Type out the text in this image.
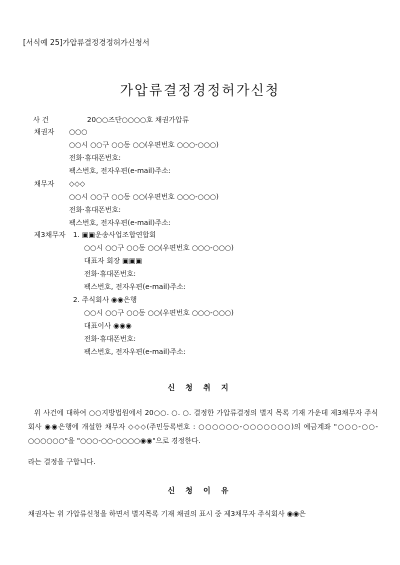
[서식예 25]가압류결정경정허가신청서
가압류결정경정허가신청
사 건	20○○즈단○○○○호 채권가압류
채권자 ○○○
○○시 ○○구 ○○동 ○○(우편번호 ○○○-○○○)
전화·휴대폰번호:
팩스번호, 전자우편(e-mail)주소:
채무자 ◇◇◇
○○시 ○○구 ○○동 ○○(우편번호 ○○○-○○○)
전화·휴대폰번호:
팩스번호, 전자우편(e-mail)주소:
제3채무자 1. ▣▣운송사업조합연합회
○○시 ○○구 ○○동 ○○(우편번호 ○○○-○○○)
대표자 회장 ▣▣▣
전화·휴대폰번호:
팩스번호, 전자우편(e-mail)주소:
2. 주식회사 ◉◉은행
○○시 ○○구 ○○동 ○○(우편번호 ○○○-○○○)
대표이사 ◉◉◉
전화·휴대폰번호:
팩스번호, 전자우편(e-mail)주소:
신 청 취 지
위 사건에 대하여 ○○지방법원에서 20○○. ○. ○. 결정한 가압류결정의 별지 목록 기재 가운데 제3채무자 주식회사 ◉◉은행에 개설한 채무자 ◇◇◇(주민등록번호 : ○○○○○○-○○○○○○○)의 예금계좌 "○○○-○○-○○○○○○"을 "○○○-○○-○○○○◉◉"으로 경정한다.
라는 결정을 구합니다.
신 청 이 유
채권자는 위 가압류신청을 하면서 별지목록 기재 채권의 표시 중 제3채무자 주식회사 ◉◉은
